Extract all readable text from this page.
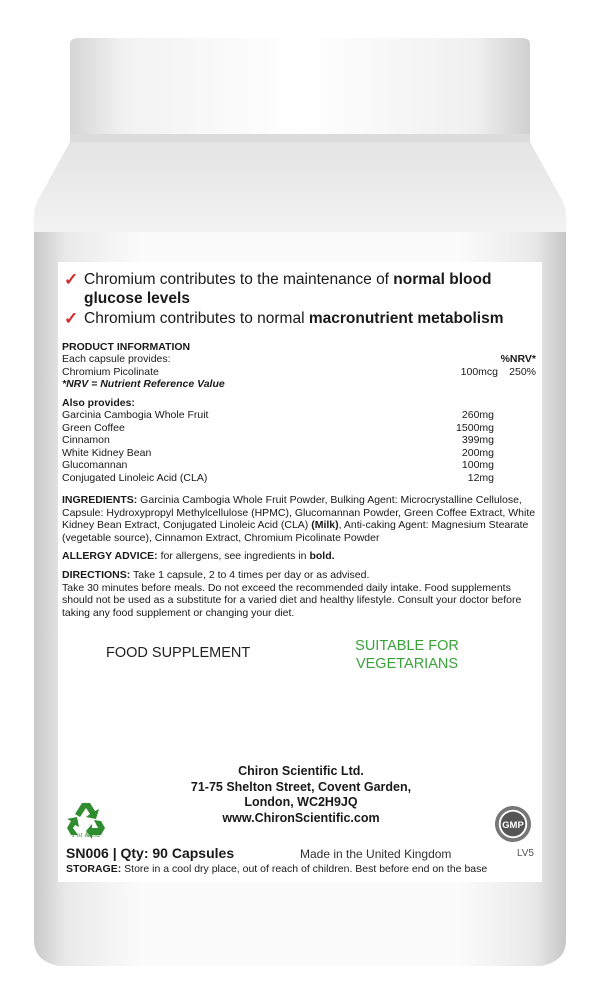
✓ Chromium contributes to the maintenance of normal blood glucose levels
✓ Chromium contributes to normal macronutrient metabolism
PRODUCT INFORMATION
Each capsule provides:	%NRV*
Chromium Picolinate	100mcg 250%
*NRV = Nutrient Reference Value
Also provides:
Garcinia Cambogia Whole Fruit	260mg
Green Coffee	1500mg
Cinnamon	399mg
White Kidney Bean	200mg
Glucomannan	100mg
Conjugated Linoleic Acid (CLA)	12mg
INGREDIENTS: Garcinia Cambogia Whole Fruit Powder, Bulking Agent: Microcrystalline Cellulose, Capsule: Hydroxypropyl Methylcellulose (HPMC), Glucomannan Powder, Green Coffee Extract, White Kidney Bean Extract, Conjugated Linoleic Acid (CLA) (Milk), Anti-caking Agent: Magnesium Stearate (vegetable source), Cinnamon Extract, Chromium Picolinate Powder
ALLERGY ADVICE: for allergens, see ingredients in bold.
DIRECTIONS: Take 1 capsule, 2 to 4 times per day or as advised.
Take 30 minutes before meals. Do not exceed the recommended daily intake. Food supplements should not be used as a substitute for a varied diet and healthy lifestyle. Consult your doctor before taking any food supplement or changing your diet.
FOOD SUPPLEMENT	SUITABLE FOR
VEGETARIANS
Chiron Scientific Ltd.
71-75 Shelton Street, Covent Garden,
London, WC2H9JQ
www.ChironScientific.com
Pot & lid
GMP
SN006 | Qty: 90 Capsules	Made in the United Kingdom	LV5
STORAGE: Store in a cool dry place, out of reach of children. Best before end on the base
